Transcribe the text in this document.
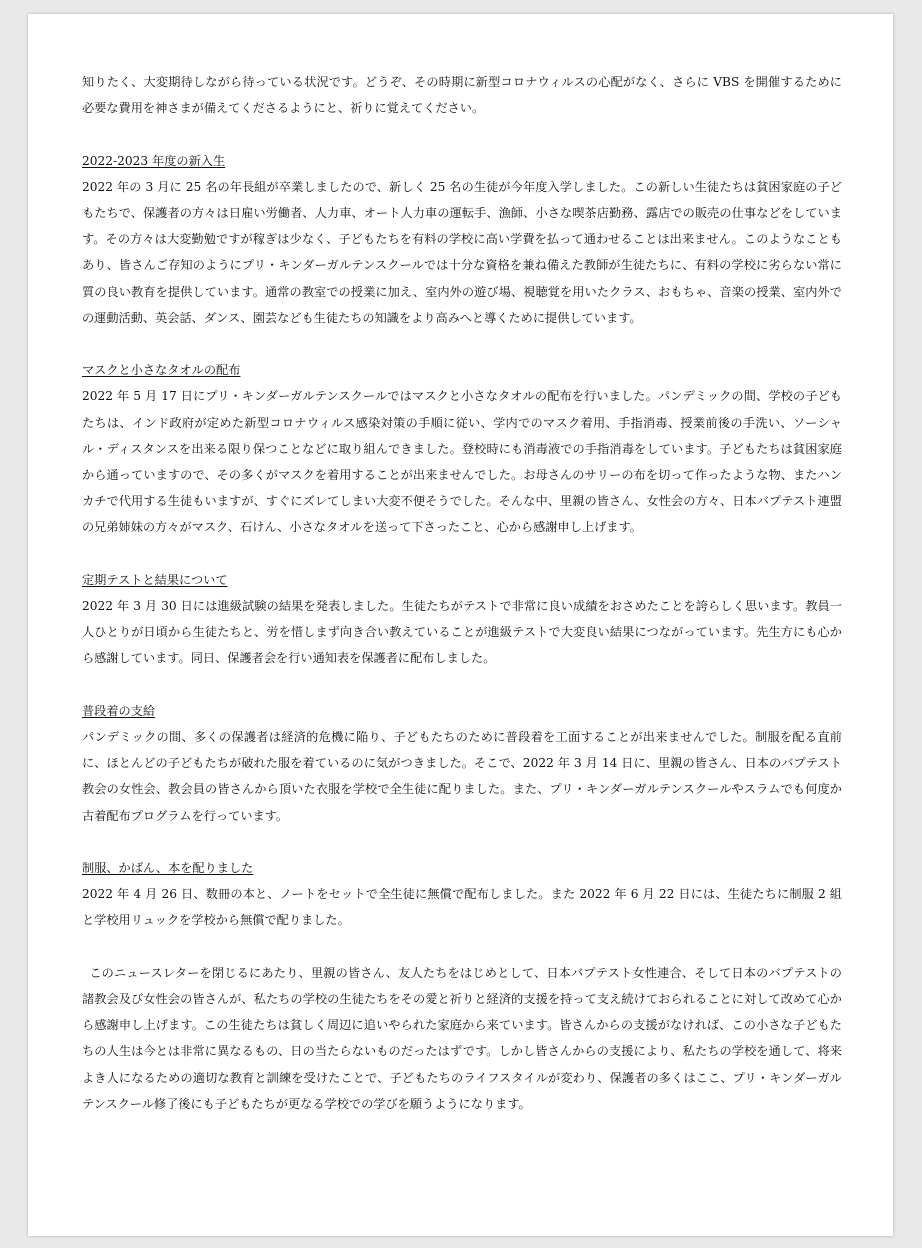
知りたく、大変期待しながら待っている状況です。どうぞ、その時期に新型コロナウィルスの心配がなく、さらに VBS を開催するために必要な費用を神さまが備えてくださるようにと、祈りに覚えてください。

2022-2023 年度の新入生

2022 年の 3 月に 25 名の年長組が卒業しましたので、新しく 25 名の生徒が今年度入学しました。この新しい生徒たちは貧困家庭の子どもたちで、保護者の方々は日雇い労働者、人力車、オート人力車の運転手、漁師、小さな喫茶店勤務、露店での販売の仕事などをしています。その方々は大変勤勉ですが稼ぎは少なく、子どもたちを有料の学校に高い学費を払って通わせることは出来ません。このようなこともあり、皆さんご存知のようにプリ・キンダーガルテンスクールでは十分な資格を兼ね備えた教師が生徒たちに、有料の学校に劣らない常に質の良い教育を提供しています。通常の教室での授業に加え、室内外の遊び場、視聴覚を用いたクラス、おもちゃ、音楽の授業、室内外での運動活動、英会話、ダンス、園芸なども生徒たちの知識をより高みへと導くために提供しています。

マスクと小さなタオルの配布

2022 年 5 月 17 日にプリ・キンダーガルテンスクールではマスクと小さなタオルの配布を行いました。パンデミックの間、学校の子どもたちは、インド政府が定めた新型コロナウィルス感染対策の手順に従い、学内でのマスク着用、手指消毒、授業前後の手洗い、ソーシャル・ディスタンスを出来る限り保つことなどに取り組んできました。登校時にも消毒液での手指消毒をしています。子どもたちは貧困家庭から通っていますので、その多くがマスクを着用することが出来ませんでした。お母さんのサリーの布を切って作ったような物、またハンカチで代用する生徒もいますが、すぐにズレてしまい大変不便そうでした。そんな中、里親の皆さん、女性会の方々、日本バプテスト連盟の兄弟姉妹の方々がマスク、石けん、小さなタオルを送って下さったこと、心から感謝申し上げます。

定期テストと結果について

2022 年 3 月 30 日には進級試験の結果を発表しました。生徒たちがテストで非常に良い成績をおさめたことを誇らしく思います。教員一人ひとりが日頃から生徒たちと、労を惜しまず向き合い教えていることが進級テストで大変良い結果につながっています。先生方にも心から感謝しています。同日、保護者会を行い通知表を保護者に配布しました。

普段着の支給

パンデミックの間、多くの保護者は経済的危機に陥り、子どもたちのために普段着を工面することが出来ませんでした。制服を配る直前に、ほとんどの子どもたちが破れた服を着ているのに気がつきました。そこで、2022 年 3 月 14 日に、里親の皆さん、日本のバプテスト教会の女性会、教会員の皆さんから頂いた衣服を学校で全生徒に配りました。また、プリ・キンダーガルテンスクールやスラムでも何度か古着配布プログラムを行っています。

制服、かばん、本を配りました

2022 年 4 月 26 日、数冊の本と、ノートをセットで全生徒に無償で配布しました。また 2022 年 6 月 22 日には、生徒たちに制服 2 組と学校用リュックを学校から無償で配りました。

このニュースレターを閉じるにあたり、里親の皆さん、友人たちをはじめとして、日本バプテスト女性連合、そして日本のバプテストの諸教会及び女性会の皆さんが、私たちの学校の生徒たちをその愛と祈りと経済的支援を持って支え続けておられることに対して改めて心から感謝申し上げます。この生徒たちは貧しく周辺に追いやられた家庭から来ています。皆さんからの支援がなければ、この小さな子どもたちの人生は今とは非常に異なるもの、日の当たらないものだったはずです。しかし皆さんからの支援により、私たちの学校を通して、将来よき人になるための適切な教育と訓練を受けたことで、子どもたちのライフスタイルが変わり、保護者の多くはここ、プリ・キンダーガルテンスクール修了後にも子どもたちが更なる学校での学びを願うようになります。
